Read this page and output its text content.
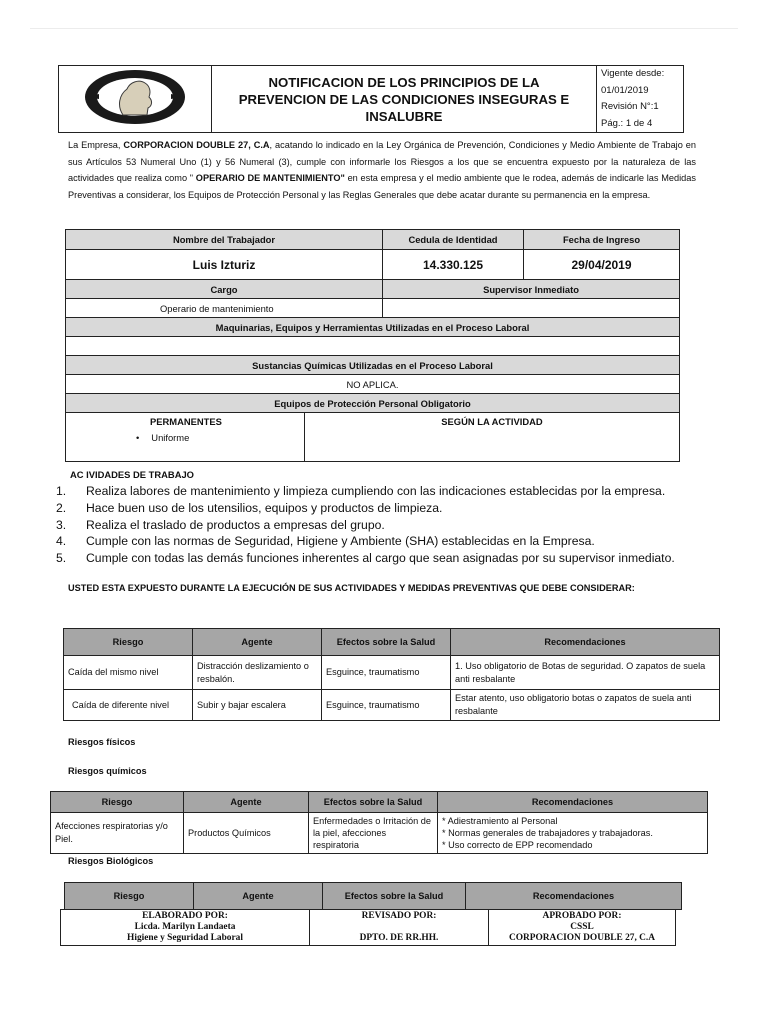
NOTIFICACION DE LOS PRINCIPIOS DE LA
PREVENCION DE LAS CONDICIONES INSEGURAS E
INSALUBRE

Vigente desde:
01/01/2019
Revisión N°:1
Pág.: 1 de 4
La Empresa, CORPORACION DOUBLE 27, C.A, acatando lo indicado en la Ley Orgánica de Prevención, Condiciones y Medio Ambiente de Trabajo en sus Artículos 53 Numeral Uno (1) y 56 Numeral (3), cumple con informarle los Riesgos a los que se encuentra expuesto por la naturaleza de las actividades que realiza como " OPERARIO DE MANTENIMIENTO" en esta empresa y el medio ambiente que le rodea, además de indicarle las Medidas Preventivas a considerar, los Equipos de Protección Personal y las Reglas Generales que debe acatar durante su permanencia en la empresa.
Nombre del Trabajador	Cedula de Identidad	Fecha de Ingreso
Luis Izturiz	14.330.125	29/04/2019
Cargo	Supervisor Inmediato
Operario de mantenimiento	
Maquinarias, Equipos y Herramientas Utilizadas en el Proceso Laboral

Sustancias Químicas Utilizadas en el Proceso Laboral
NO APLICA.
Equipos de Protección Personal Obligatorio

PERMANENTES
• Uniforme
	SEGÚN LA ACTIVIDAD
AC IVIDADES DE TRABAJO
1. Realiza labores de mantenimiento y limpieza cumpliendo con las indicaciones establecidas por la empresa.
2. Hace buen uso de los utensilios, equipos y productos de limpieza.
3. Realiza el traslado de productos a empresas del grupo.
4. Cumple con las normas de Seguridad, Higiene y Ambiente (SHA) establecidas en la Empresa.
5. Cumple con todas las demás funciones inherentes al cargo que sean asignadas por su supervisor inmediato.
USTED ESTA EXPUESTO DURANTE LA EJECUCIÓN DE SUS ACTIVIDADES Y MEDIDAS PREVENTIVAS QUE DEBE CONSIDERAR:
Riesgo	Agente	Efectos sobre la Salud	Recomendaciones
Caída del mismo nivel	Distracción deslizamiento o resbalón.	Esguince, traumatismo	1. Uso obligatorio de Botas de seguridad. O zapatos de suela anti resbalante
Caída de diferente nivel	Subir y bajar escalera	Esguince, traumatismo	Estar atento, uso obligatorio botas o zapatos de suela anti resbalante
Riesgos físicos
Riesgos químicos
Riesgo	Agente	Efectos sobre la Salud	Recomendaciones
Afecciones respiratorias y/o Piel.	Productos Químicos	Enfermedades o Irritación de la piel, afecciones respiratoria	* Adiestramiento al Personal
* Normas generales de trabajadores y trabajadoras.
* Uso correcto de EPP recomendado
Riesgos Biológicos
Riesgo	Agente	Efectos sobre la Salud	Recomendaciones
ELABORADO POR:
Licda. Marilyn Landaeta
Higiene y Seguridad Laboral

REVISADO POR:
DPTO. DE RR.HH.

APROBADO POR:
CSSL
CORPORACION DOUBLE 27, C.A
